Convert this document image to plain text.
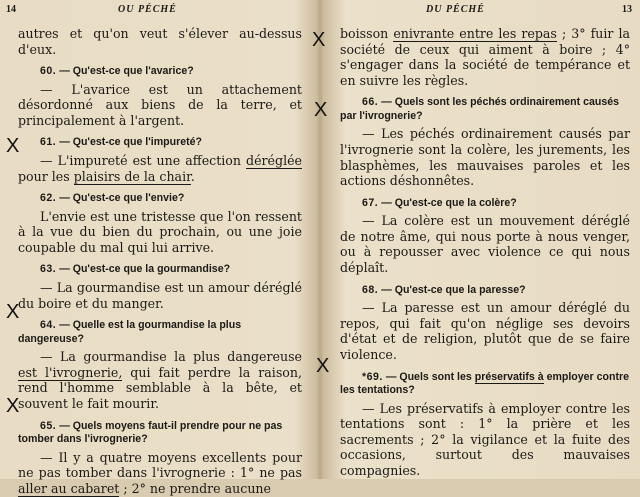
14	OU PÉCHÉ
autres et qu'on veut s'élever au-dessus d'eux.
60. — Qu'est-ce que l'avarice?
— L'avarice est un attachement désordonné aux biens de la terre, et principalement à l'argent.
61. — Qu'est-ce que l'impureté?
— L'impureté est une affection déréglée pour les plaisirs de la chair.
62. — Qu'est-ce que l'envie?
L'envie est une tristesse que l'on ressent à la vue du bien du prochain, ou une joie coupable du mal qui lui arrive.
63. — Qu'est-ce que la gourmandise?
— La gourmandise est un amour déréglé du boire et du manger.
64. — Quelle est la gourmandise la plus dangereuse?
— La gourmandise la plus dangereuse est l'ivrognerie, qui fait perdre la raison, rend l'homme semblable à la bête, et souvent le fait mourir.
65. — Quels moyens faut-il prendre pour ne pas tomber dans l'ivrognerie?
— Il y a quatre moyens excellents pour ne pas tomber dans l'ivrognerie : 1° ne pas aller au cabaret ; 2° ne prendre aucune
X
X
X
DU PÉCHÉ	13
boisson enivrante entre les repas ; 3° fuir la société de ceux qui aiment à boire ; 4° s'engager dans la société de tempérance et en suivre les règles.
66. — Quels sont les péchés ordinairement causés par l'ivrognerie?
— Les péchés ordinairement causés par l'ivrognerie sont la colère, les jurements, les blasphèmes, les mauvaises paroles et les actions déshonnêtes.
67. — Qu'est-ce que la colère?
— La colère est un mouvement déréglé de notre âme, qui nous porte à nous venger, ou à repousser avec violence ce qui nous déplaît.
68. — Qu'est-ce que la paresse?
— La paresse est un amour déréglé du repos, qui fait qu'on néglige ses devoirs d'état et de religion, plutôt que de se faire violence.
*69. — Quels sont les préservatifs à employer contre les tentations?
— Les préservatifs à employer contre les tentations sont : 1° la prière et les sacrements ; 2° la vigilance et la fuite des occasions, surtout des mauvaises compagnies.
X
X
X
